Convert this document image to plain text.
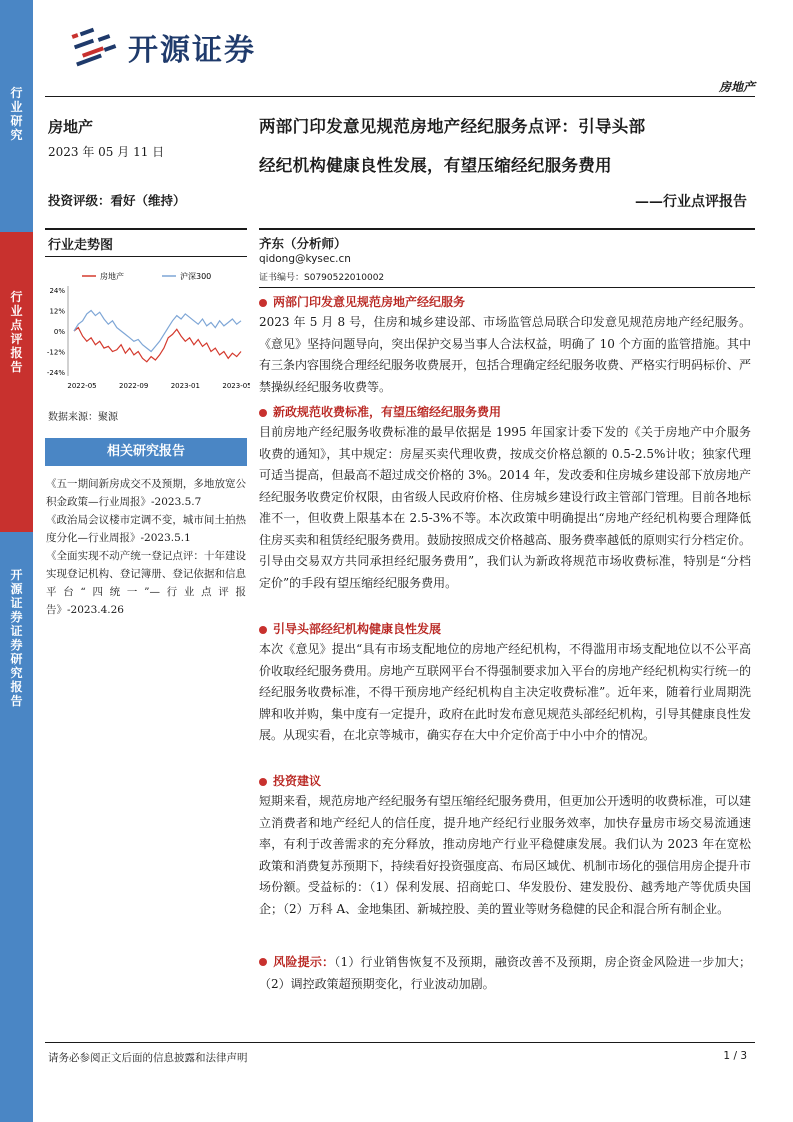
行
业
研
究
行
业
点
评
报
告
开
源
证
券
证
券
研
究
报
告
开源证券
房地产
房地产
2023 年 05 月 11 日
投资评级：看好（维持）
行业走势图
24%
12%
0%
-12%
-24%
2022-05	2022-09	2023-01	2023-05
房地产	沪深300
数据来源：聚源
相关研究报告
《五一期间新房成交不及预期，多地放宽公积金政策—行业周报》-2023.5.7
《政治局会议楼市定调不变，城市间土拍热度分化—行业周报》-2023.5.1
《全面实现不动产统一登记点评：十年建设实现登记机构、登记簿册、登记依据和信息平台“四统一”—行业点评报告》-2023.4.26
两部门印发意见规范房地产经纪服务点评：引导头部
经纪机构健康良性发展，有望压缩经纪服务费用
——行业点评报告
齐东（分析师）
qidong@kysec.cn
证书编号：S0790522010002
两部门印发意见规范房地产经纪服务
2023 年 5 月 8 号，住房和城乡建设部、市场监管总局联合印发意见规范房地产经纪服务。《意见》坚持问题导向，突出保护交易当事人合法权益，明确了 10 个方面的监管措施。其中有三条内容围绕合理经纪服务收费展开，包括合理确定经纪服务收费、严格实行明码标价、严禁操纵经纪服务收费等。
新政规范收费标准，有望压缩经纪服务费用
目前房地产经纪服务收费标准的最早依据是 1995 年国家计委下发的《关于房地产中介服务收费的通知》，其中规定：房屋买卖代理收费，按成交价格总额的 0.5-2.5%计收；独家代理可适当提高，但最高不超过成交价格的 3%。2014 年，发改委和住房城乡建设部下放房地产经纪服务收费定价权限，由省级人民政府价格、住房城乡建设行政主管部门管理。目前各地标准不一，但收费上限基本在 2.5-3%不等。本次政策中明确提出“房地产经纪机构要合理降低住房买卖和租赁经纪服务费用。鼓励按照成交价格越高、服务费率越低的原则实行分档定价。引导由交易双方共同承担经纪服务费用”，我们认为新政将规范市场收费标准，特别是“分档定价”的手段有望压缩经纪服务费用。
引导头部经纪机构健康良性发展
本次《意见》提出“具有市场支配地位的房地产经纪机构，不得滥用市场支配地位以不公平高价收取经纪服务费用。房地产互联网平台不得强制要求加入平台的房地产经纪机构实行统一的经纪服务收费标准，不得干预房地产经纪机构自主决定收费标准”。近年来，随着行业周期洗牌和收并购，集中度有一定提升，政府在此时发布意见规范头部经纪机构，引导其健康良性发展。从现实看，在北京等城市，确实存在大中介定价高于中小中介的情况。
投资建议
短期来看，规范房地产经纪服务有望压缩经纪服务费用，但更加公开透明的收费标准，可以建立消费者和地产经纪人的信任度，提升地产经纪行业服务效率，加快存量房市场交易流通速率，有利于改善需求的充分释放，推动房地产行业平稳健康发展。我们认为 2023 年在宽松政策和消费复苏预期下，持续看好投资强度高、布局区域优、机制市场化的强信用房企提升市场份额。受益标的：（1）保利发展、招商蛇口、华发股份、建发股份、越秀地产等优质央国企；（2）万科 A、金地集团、新城控股、美的置业等财务稳健的民企和混合所有制企业。
风险提示：（1）行业销售恢复不及预期，融资改善不及预期，房企资金风险进一步加大；（2）调控政策超预期变化，行业波动加剧。
请务必参阅正文后面的信息披露和法律声明	1 / 3
